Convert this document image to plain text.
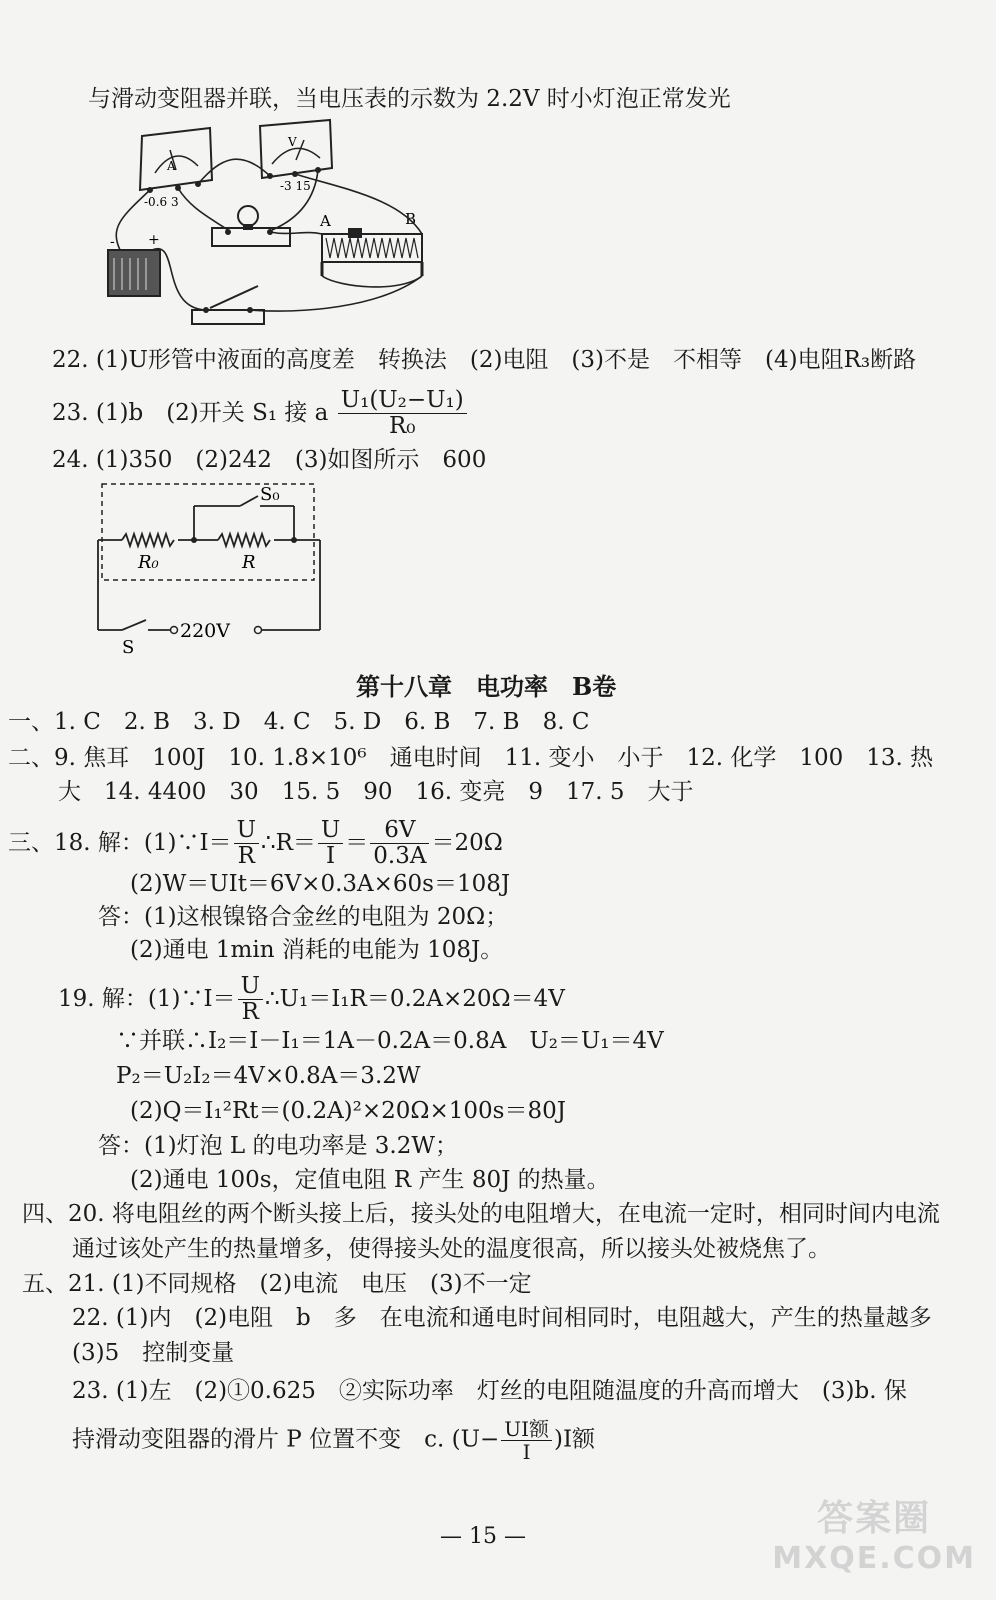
与滑动变阻器并联，当电压表的示数为 2.2V 时小灯泡正常发光
A
-0.6 3
V
-3 15
A	B
- +
22. (1)U形管中液面的高度差　转换法　(2)电阻　(3)不是　不相等　(4)电阻R₃断路
23. (1)b　(2)开关 S₁ 接 a $\frac{\text{U₁(U₂−U₁)}}{\text{R₀}}$
24. (1)350　(2)242　(3)如图所示　600
S₀
R₀	R
220V
S
第十八章　电功率　B卷
一、1. C　2. B　3. D　4. C　5. D　6. B　7. B　8. C
二、9. 焦耳　100J　10. 1.8×10⁶　通电时间　11. 变小　小于　12. 化学　100　13. 热
大　14. 4400　30　15. 5　90　16. 变亮　9　17. 5　大于
三、18. 解：(1)∵I＝ $\frac{U}{R}$ ∴R＝ $\frac{U}{I} = \frac{6V}{0.3A} =20\Omega$
(2)W＝UIt＝6V×0.3A×60s＝108J
答：(1)这根镍铬合金丝的电阻为 20Ω；
(2)通电 1min 消耗的电能为 108J。
19. 解：(1)∵I＝ $\frac{U}{R}$ ∴U₁＝I₁R＝0.2A×20Ω＝4V
∵并联∴I₂＝I－I₁＝1A－0.2A＝0.8A　U₂＝U₁＝4V
P₂＝U₂I₂＝4V×0.8A＝3.2W
(2)Q＝I₁²Rt＝(0.2A)²×20Ω×100s＝80J
答：(1)灯泡 L 的电功率是 3.2W；
(2)通电 100s，定值电阻 R 产生 80J 的热量。
四、20. 将电阻丝的两个断头接上后，接头处的电阻增大，在电流一定时，相同时间内电流
通过该处产生的热量增多，使得接头处的温度很高，所以接头处被烧焦了。
五、21. (1)不同规格　(2)电流　电压　(3)不一定
22. (1)内　(2)电阻　b　多　在电流和通电时间相同时，电阻越大，产生的热量越多
(3)5　控制变量
23. (1)左　(2)①0.625　②实际功率　灯丝的电阻随温度的升高而增大　(3)b. 保
持滑动变阻器的滑片 P 位置不变　c. $(U- \frac{\text{UI额}}{I} )I$额
— 15 —	答案圈
MXQE.COM
